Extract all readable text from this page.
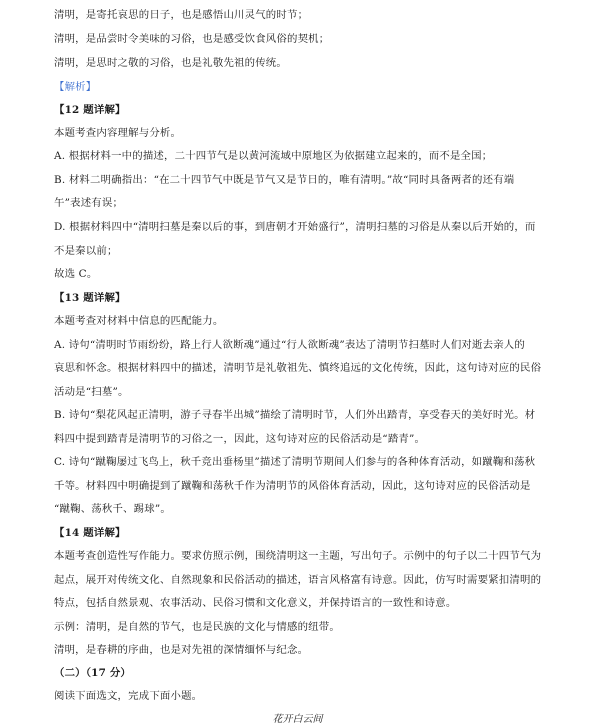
清明，是寄托哀思的日子，也是感悟山川灵气的时节；
清明，是品尝时令美味的习俗，也是感受饮食风俗的契机；
清明，是思时之敬的习俗，也是礼敬先祖的传统。
【解析】
【12 题详解】
本题考查内容理解与分析。
A. 根据材料一中的描述，二十四节气是以黄河流域中原地区为依据建立起来的，而不是全国；
B. 材料二明确指出：“在二十四节气中既是节气又是节日的，唯有清明。”故“同时具备两者的还有端
午”表述有误；
D. 根据材料四中“清明扫墓是秦以后的事，到唐朝才开始盛行”，清明扫墓的习俗是从秦以后开始的，而
不是秦以前；
故选 C。
【13 题详解】
本题考查对材料中信息的匹配能力。
A. 诗句“清明时节雨纷纷，路上行人欲断魂”通过“行人欲断魂”表达了清明节扫墓时人们对逝去亲人的
哀思和怀念。根据材料四中的描述，清明节是礼敬祖先、慎终追远的文化传统，因此，这句诗对应的民俗
活动是“扫墓”。
B. 诗句“梨花风起正清明，游子寻春半出城”描绘了清明时节，人们外出踏青，享受春天的美好时光。材
料四中提到踏青是清明节的习俗之一，因此，这句诗对应的民俗活动是“踏青”。
C. 诗句“蹴鞠屡过飞鸟上，秋千竞出垂杨里”描述了清明节期间人们参与的各种体育活动，如蹴鞠和荡秋
千等。材料四中明确提到了蹴鞠和荡秋千作为清明节的风俗体育活动，因此，这句诗对应的民俗活动是
“蹴鞠、荡秋千、踢球”。
【14 题详解】
本题考查创造性写作能力。要求仿照示例，围绕清明这一主题，写出句子。示例中的句子以二十四节气为
起点，展开对传统文化、自然现象和民俗活动的描述，语言风格富有诗意。因此，仿写时需要紧扣清明的
特点，包括自然景观、农事活动、民俗习惯和文化意义，并保持语言的一致性和诗意。
示例：清明，是自然的节气，也是民族的文化与情感的纽带。
清明，是春耕的序曲，也是对先祖的深情缅怀与纪念。
（二）（17 分）
阅读下面选文，完成下面小题。
花开白云间
